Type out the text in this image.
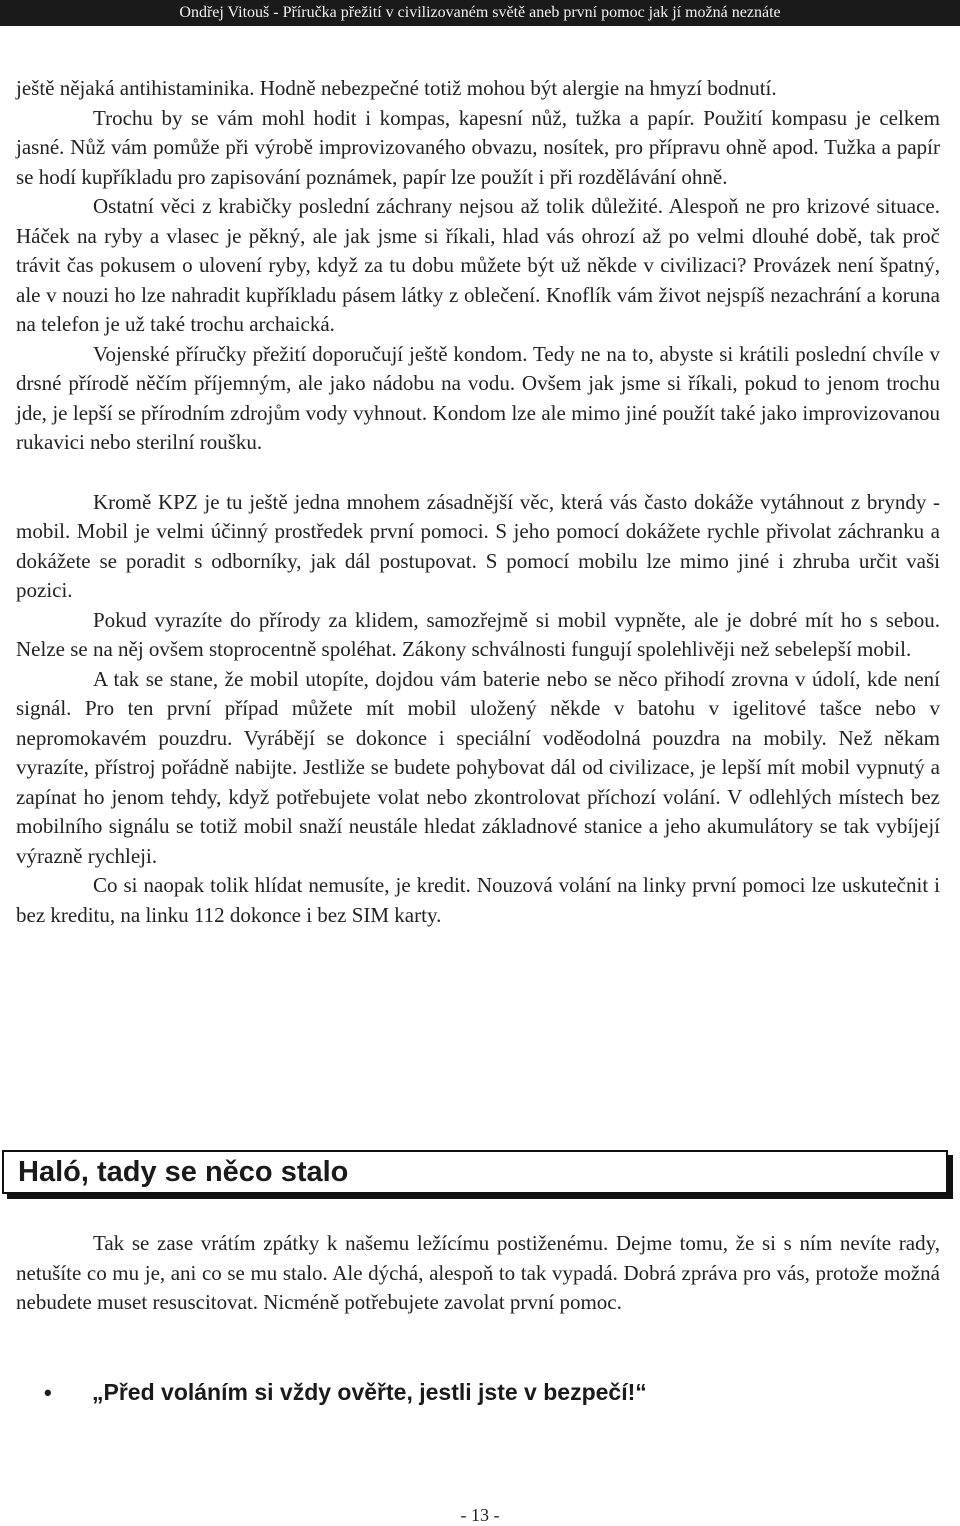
Ondřej Vitouš - Příručka přežití v civilizovaném světě aneb první pomoc jak jí možná neznáte

ještě nějaká antihistaminika. Hodně nebezpečné totiž mohou být alergie na hmyzí bodnutí.

Trochu by se vám mohl hodit i kompas, kapesní nůž, tužka a papír. Použití kompasu je celkem jasné. Nůž vám pomůže při výrobě improvizovaného obvazu, nosítek, pro přípravu ohně apod. Tužka a papír se hodí kupříkladu pro zapisování poznámek, papír lze použít i při rozdělávání ohně.

Ostatní věci z krabičky poslední záchrany nejsou až tolik důležité. Alespoň ne pro krizové situace. Háček na ryby a vlasec je pěkný, ale jak jsme si říkali, hlad vás ohrozí až po velmi dlouhé době, tak proč trávit čas pokusem o ulovení ryby, když za tu dobu můžete být už někde v civilizaci? Provázek není špatný, ale v nouzi ho lze nahradit kupříkladu pásem látky z oblečení. Knoflík vám život nejspíš nezachrání a koruna na telefon je už také trochu archaická.

Vojenské příručky přežití doporučují ještě kondom. Tedy ne na to, abyste si krátili poslední chvíle v drsné přírodě něčím příjemným, ale jako nádobu na vodu. Ovšem jak jsme si říkali, pokud to jenom trochu jde, je lepší se přírodním zdrojům vody vyhnout. Kondom lze ale mimo jiné použít také jako improvizovanou rukavici nebo sterilní roušku.

Kromě KPZ je tu ještě jedna mnohem zásadnější věc, která vás často dokáže vytáhnout z bryndy - mobil. Mobil je velmi účinný prostředek první pomoci. S jeho pomocí dokážete rychle přivolat záchranku a dokážete se poradit s odborníky, jak dál postupovat. S pomocí mobilu lze mimo jiné i zhruba určit vaši pozici.

Pokud vyrazíte do přírody za klidem, samozřejmě si mobil vypněte, ale je dobré mít ho s sebou. Nelze se na něj ovšem stoprocentně spoléhat. Zákony schválnosti fungují spolehlivěji než sebelepší mobil.

A tak se stane, že mobil utopíte, dojdou vám baterie nebo se něco přihodí zrovna v údolí, kde není signál. Pro ten první případ můžete mít mobil uložený někde v batohu v igelitové tašce nebo v nepromokavém pouzdru. Vyrábějí se dokonce i speciální voděodolná pouzdra na mobily. Než někam vyrazíte, přístroj pořádně nabijte. Jestliže se budete pohybovat dál od civilizace, je lepší mít mobil vypnutý a zapínat ho jenom tehdy, když potřebujete volat nebo zkontrolovat příchozí volání. V odlehlých místech bez mobilního signálu se totiž mobil snaží neustále hledat základnové stanice a jeho akumulátory se tak vybíjejí výrazně rychleji.

Co si naopak tolik hlídat nemusíte, je kredit. Nouzová volání na linky první pomoci lze uskutečnit i bez kreditu, na linku 112 dokonce i bez SIM karty.

Haló, tady se něco stalo

Tak se zase vrátím zpátky k našemu ležícímu postiženému. Dejme tomu, že si s ním nevíte rady, netušíte co mu je, ani co se mu stalo. Ale dýchá, alespoň to tak vypadá. Dobrá zpráva pro vás, protože možná nebudete muset resuscitovat. Nicméně potřebujete zavolat první pomoc.

• „Před voláním si vždy ověřte, jestli jste v bezpečí!“
- 13 -
